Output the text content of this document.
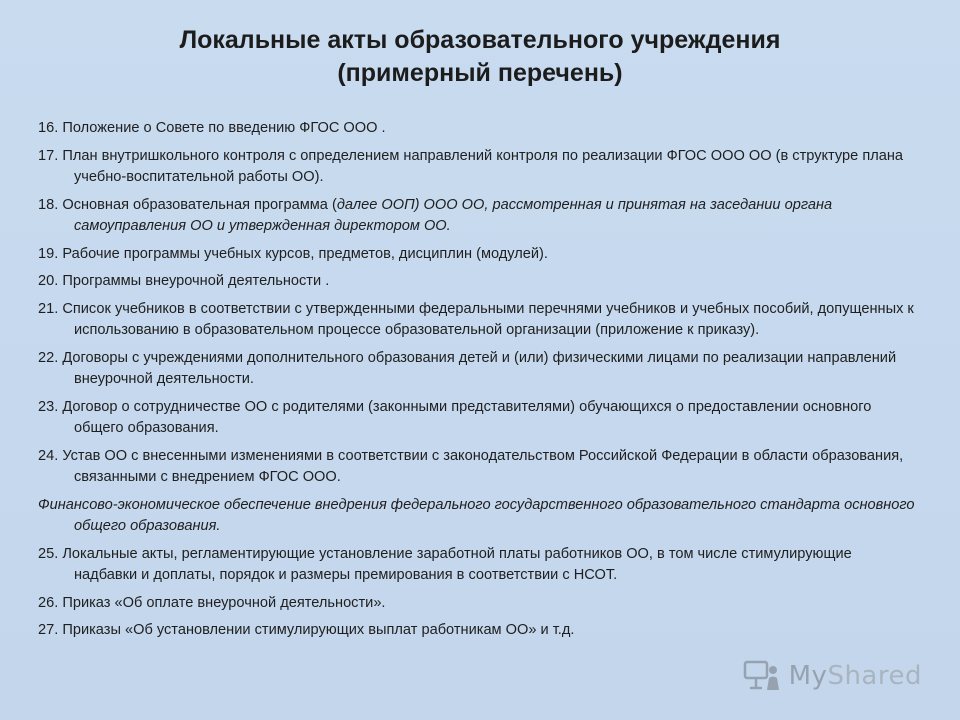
Локальные акты образовательного учреждения
(примерный перечень)
16. Положение о Совете по введению ФГОС ООО .
17. План внутришкольного контроля с определением направлений контроля по реализации ФГОС ООО ОО (в структуре плана учебно-воспитательной работы ОО).
18. Основная образовательная программа (далее ООП) ООО ОО, рассмотренная и принятая на заседании органа самоуправления ОО и утвержденная директором ОО.
19. Рабочие программы учебных курсов, предметов, дисциплин (модулей).
20. Программы внеурочной деятельности .
21. Список учебников в соответствии с утвержденными федеральными перечнями учебников и учебных пособий, допущенных к использованию в образовательном процессе образовательной организации (приложение к приказу).
22. Договоры с учреждениями дополнительного образования детей и (или) физическими лицами по реализации направлений внеурочной деятельности.
23. Договор о сотрудничестве ОО с родителями (законными представителями) обучающихся о предоставлении основного общего образования.
24. Устав ОО с внесенными изменениями в соответствии с законодательством Российской Федерации в области образования, связанными с внедрением ФГОС ООО.
Финансово-экономическое обеспечение внедрения федерального государственного образовательного стандарта основного общего образования.
25. Локальные акты, регламентирующие установление заработной платы работников ОО, в том числе стимулирующие надбавки и доплаты, порядок и размеры премирования в соответствии с НСОТ.
26. Приказ «Об оплате внеурочной деятельности».
27. Приказы «Об установлении стимулирующих выплат работникам ОО» и т.д.
MyShared
